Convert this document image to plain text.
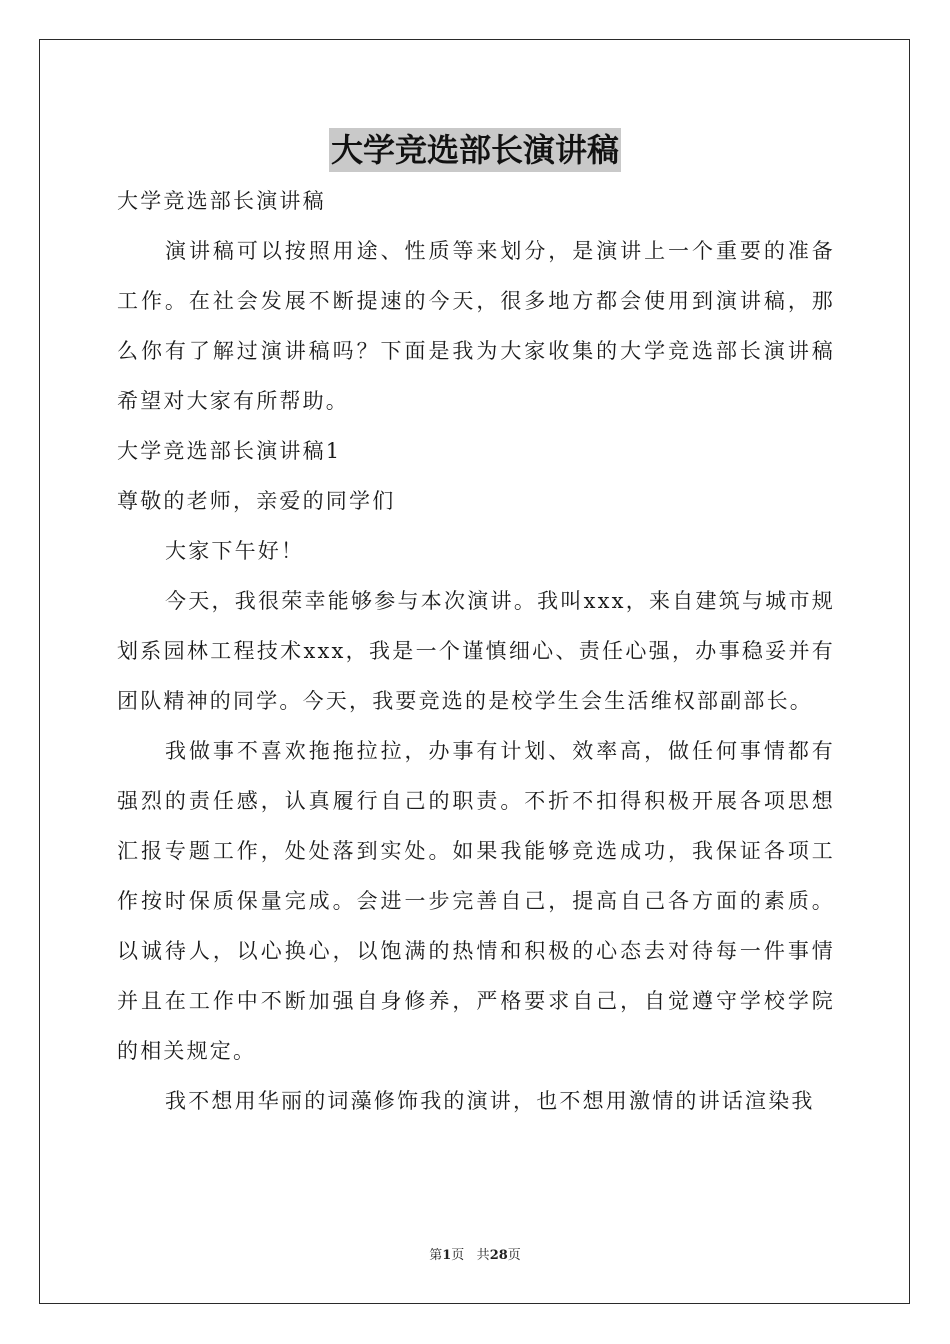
大学竞选部长演讲稿

大学竞选部长演讲稿

演讲稿可以按照用途、性质等来划分，是演讲上一个重要的准备工作。在社会发展不断提速的今天，很多地方都会使用到演讲稿，那么你有了解过演讲稿吗？下面是我为大家收集的大学竞选部长演讲稿希望对大家有所帮助。

大学竞选部长演讲稿1

尊敬的老师，亲爱的同学们

大家下午好！

今天，我很荣幸能够参与本次演讲。我叫xxx，来自建筑与城市规划系园林工程技术xxx，我是一个谨慎细心、责任心强，办事稳妥并有团队精神的同学。今天，我要竞选的是校学生会生活维权部副部长。

我做事不喜欢拖拖拉拉，办事有计划、效率高，做任何事情都有强烈的责任感，认真履行自己的职责。不折不扣得积极开展各项思想汇报专题工作，处处落到实处。如果我能够竞选成功，我保证各项工作按时保质保量完成。会进一步完善自己，提高自己各方面的素质。以诚待人，以心换心，以饱满的热情和积极的心态去对待每一件事情并且在工作中不断加强自身修养，严格要求自己，自觉遵守学校学院的相关规定。

我不想用华丽的词藻修饰我的演讲，也不想用激情的讲话渲染我

第1页 共28页
